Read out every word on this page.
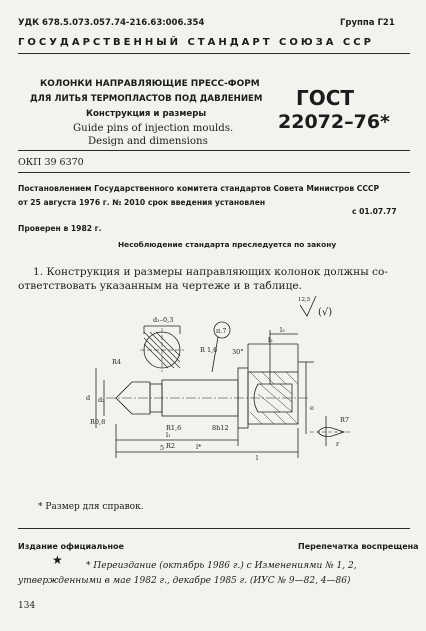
УДК 678.5.073.057.74-216.63:006.354	Группа Г21
ГОСУДАРСТВЕННЫЙ СТАНДАРТ СОЮЗА ССР
КОЛОНКИ НАПРАВЛЯЮЩИЕ ПРЕСС-ФОРМ
ДЛЯ ЛИТЬЯ ТЕРМОПЛАСТОВ ПОД ДАВЛЕНИЕМ
Конструкция и размеры
Guide pins of injection moulds.
Design and dimensions
ГОСТ
22072–76*
ОКП 39 6370
Постановлением Государственного комитета стандартов Совета Министров СССР
от 25 августа 1976 г. № 2010 срок введения установлен
с 01.07.77
Проверен в 1982 г.
Несоблюдение стандарта преследуется по закону
1. Конструкция и размеры направляющих колонок должны со-
ответствовать указанным на чертеже и в таблице.
12,5
(√)
d₁–0,3
п.7
R 1,6 30°
l₃
l₂
R4
R0,8
R1,6
l₁
R2	l*
l
5
d d₂
8h12
e
R7
r
* Размер для справок.
Издание официальное	Перепечатка воспрещена
★	* Переиздание (октябрь 1986 г.) с Изменениями № 1, 2,
утвержденными в мае 1982 г., декабре 1985 г. (ИУС № 9—82, 4—86)
134
